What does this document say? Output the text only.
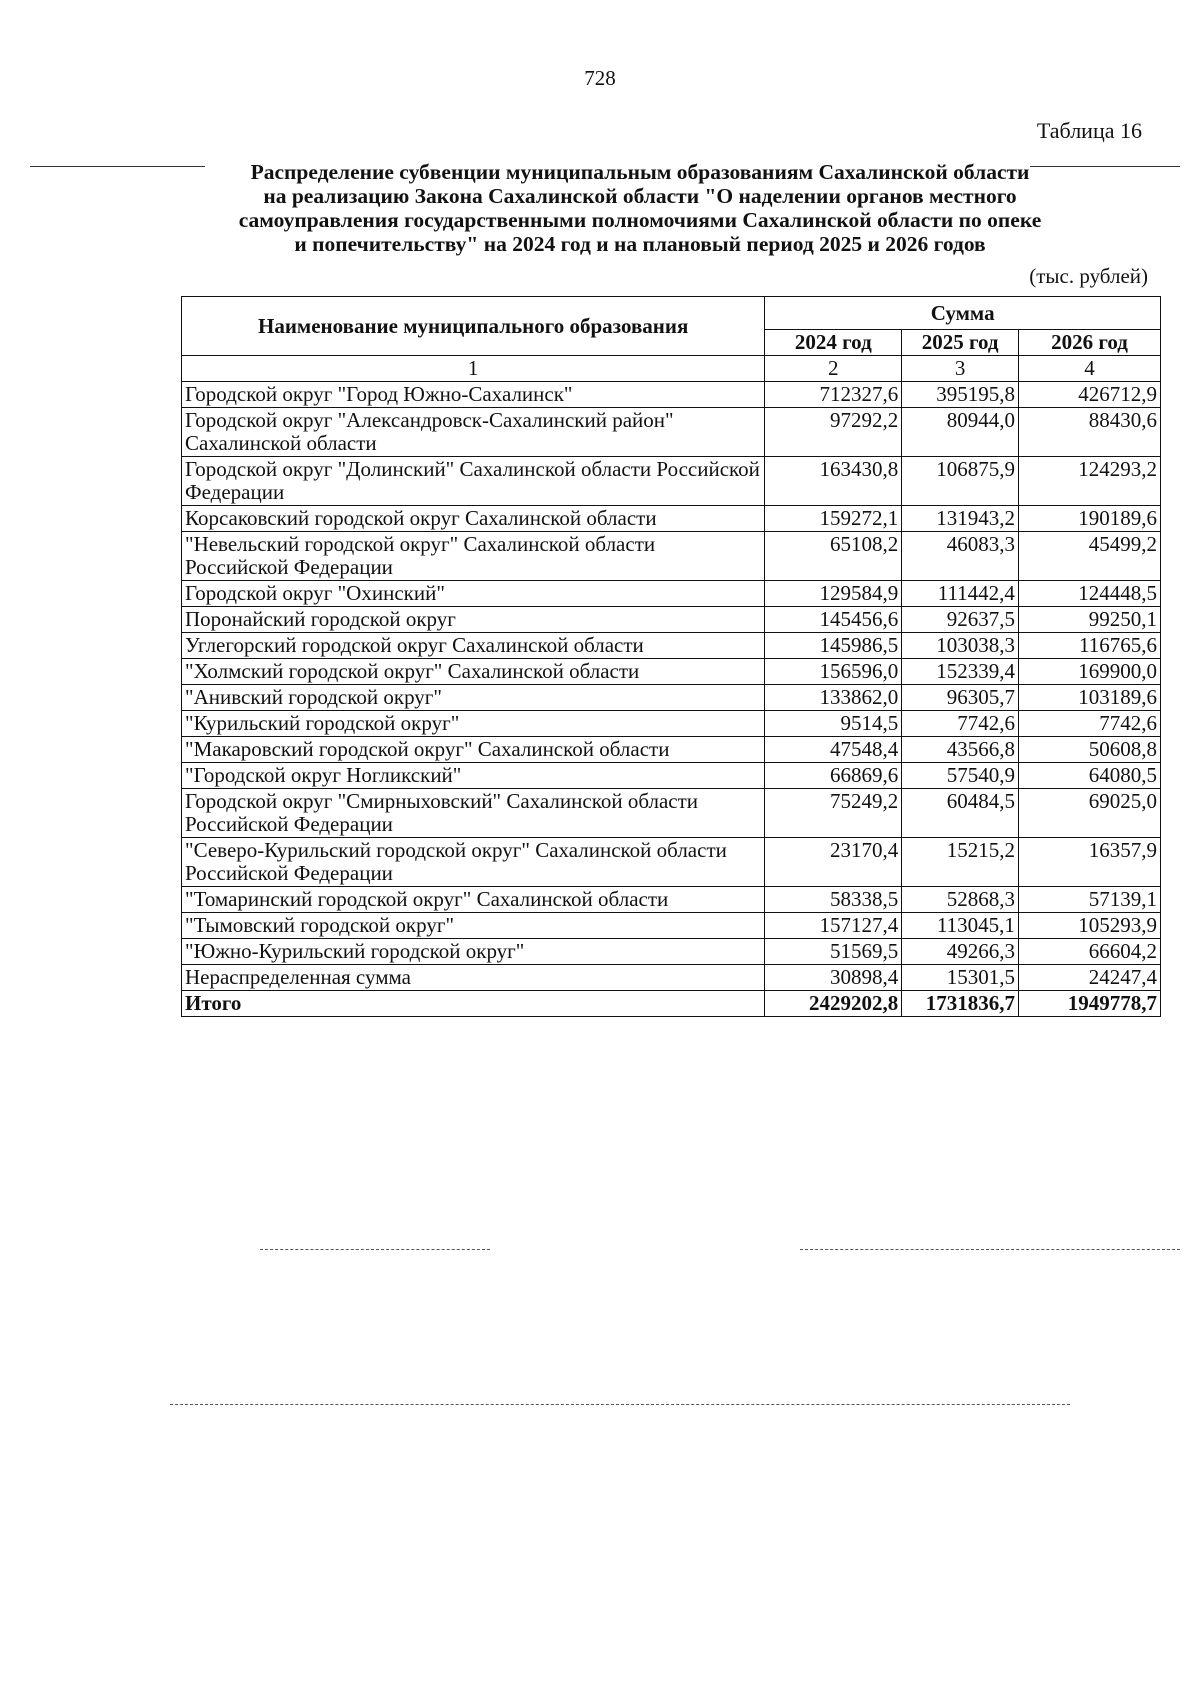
728
Таблица 16
Распределение субвенции муниципальным образованиям Сахалинской области
на реализацию Закона Сахалинской области "О наделении органов местного
самоуправления государственными полномочиями Сахалинской области по опеке
и попечительству" на 2024 год и на плановый период 2025 и 2026 годов
(тыс. рублей)
Наименование муниципального образования	Сумма		
	2024 год	2025 год	2026 год
1	2	3	4
Городской округ "Город Южно-Сахалинск"	712327,6	395195,8	426712,9
Городской округ "Александровск-Сахалинский район" Сахалинской области	97292,2	80944,0	88430,6
Городской округ "Долинский" Сахалинской области Российской Федерации	163430,8	106875,9	124293,2
Корсаковский городской округ Сахалинской области	159272,1	131943,2	190189,6
"Невельский городской округ" Сахалинской области Российской Федерации	65108,2	46083,3	45499,2
Городской округ "Охинский"	129584,9	111442,4	124448,5
Поронайский городской округ	145456,6	92637,5	99250,1
Углегорский городской округ Сахалинской области	145986,5	103038,3	116765,6
"Холмский городской округ" Сахалинской области	156596,0	152339,4	169900,0
"Анивский городской округ"	133862,0	96305,7	103189,6
"Курильский городской округ"	9514,5	7742,6	7742,6
"Макаровский городской округ" Сахалинской области	47548,4	43566,8	50608,8
"Городской округ Ногликский"	66869,6	57540,9	64080,5
Городской округ "Смирныховский" Сахалинской области Российской Федерации	75249,2	60484,5	69025,0
"Северо-Курильский городской округ" Сахалинской области Российской Федерации	23170,4	15215,2	16357,9
"Томаринский городской округ" Сахалинской области	58338,5	52868,3	57139,1
"Тымовский городской округ"	157127,4	113045,1	105293,9
"Южно-Курильский городской округ"	51569,5	49266,3	66604,2
Нераспределенная сумма	30898,4	15301,5	24247,4
Итого	2429202,8	1731836,7	1949778,7
